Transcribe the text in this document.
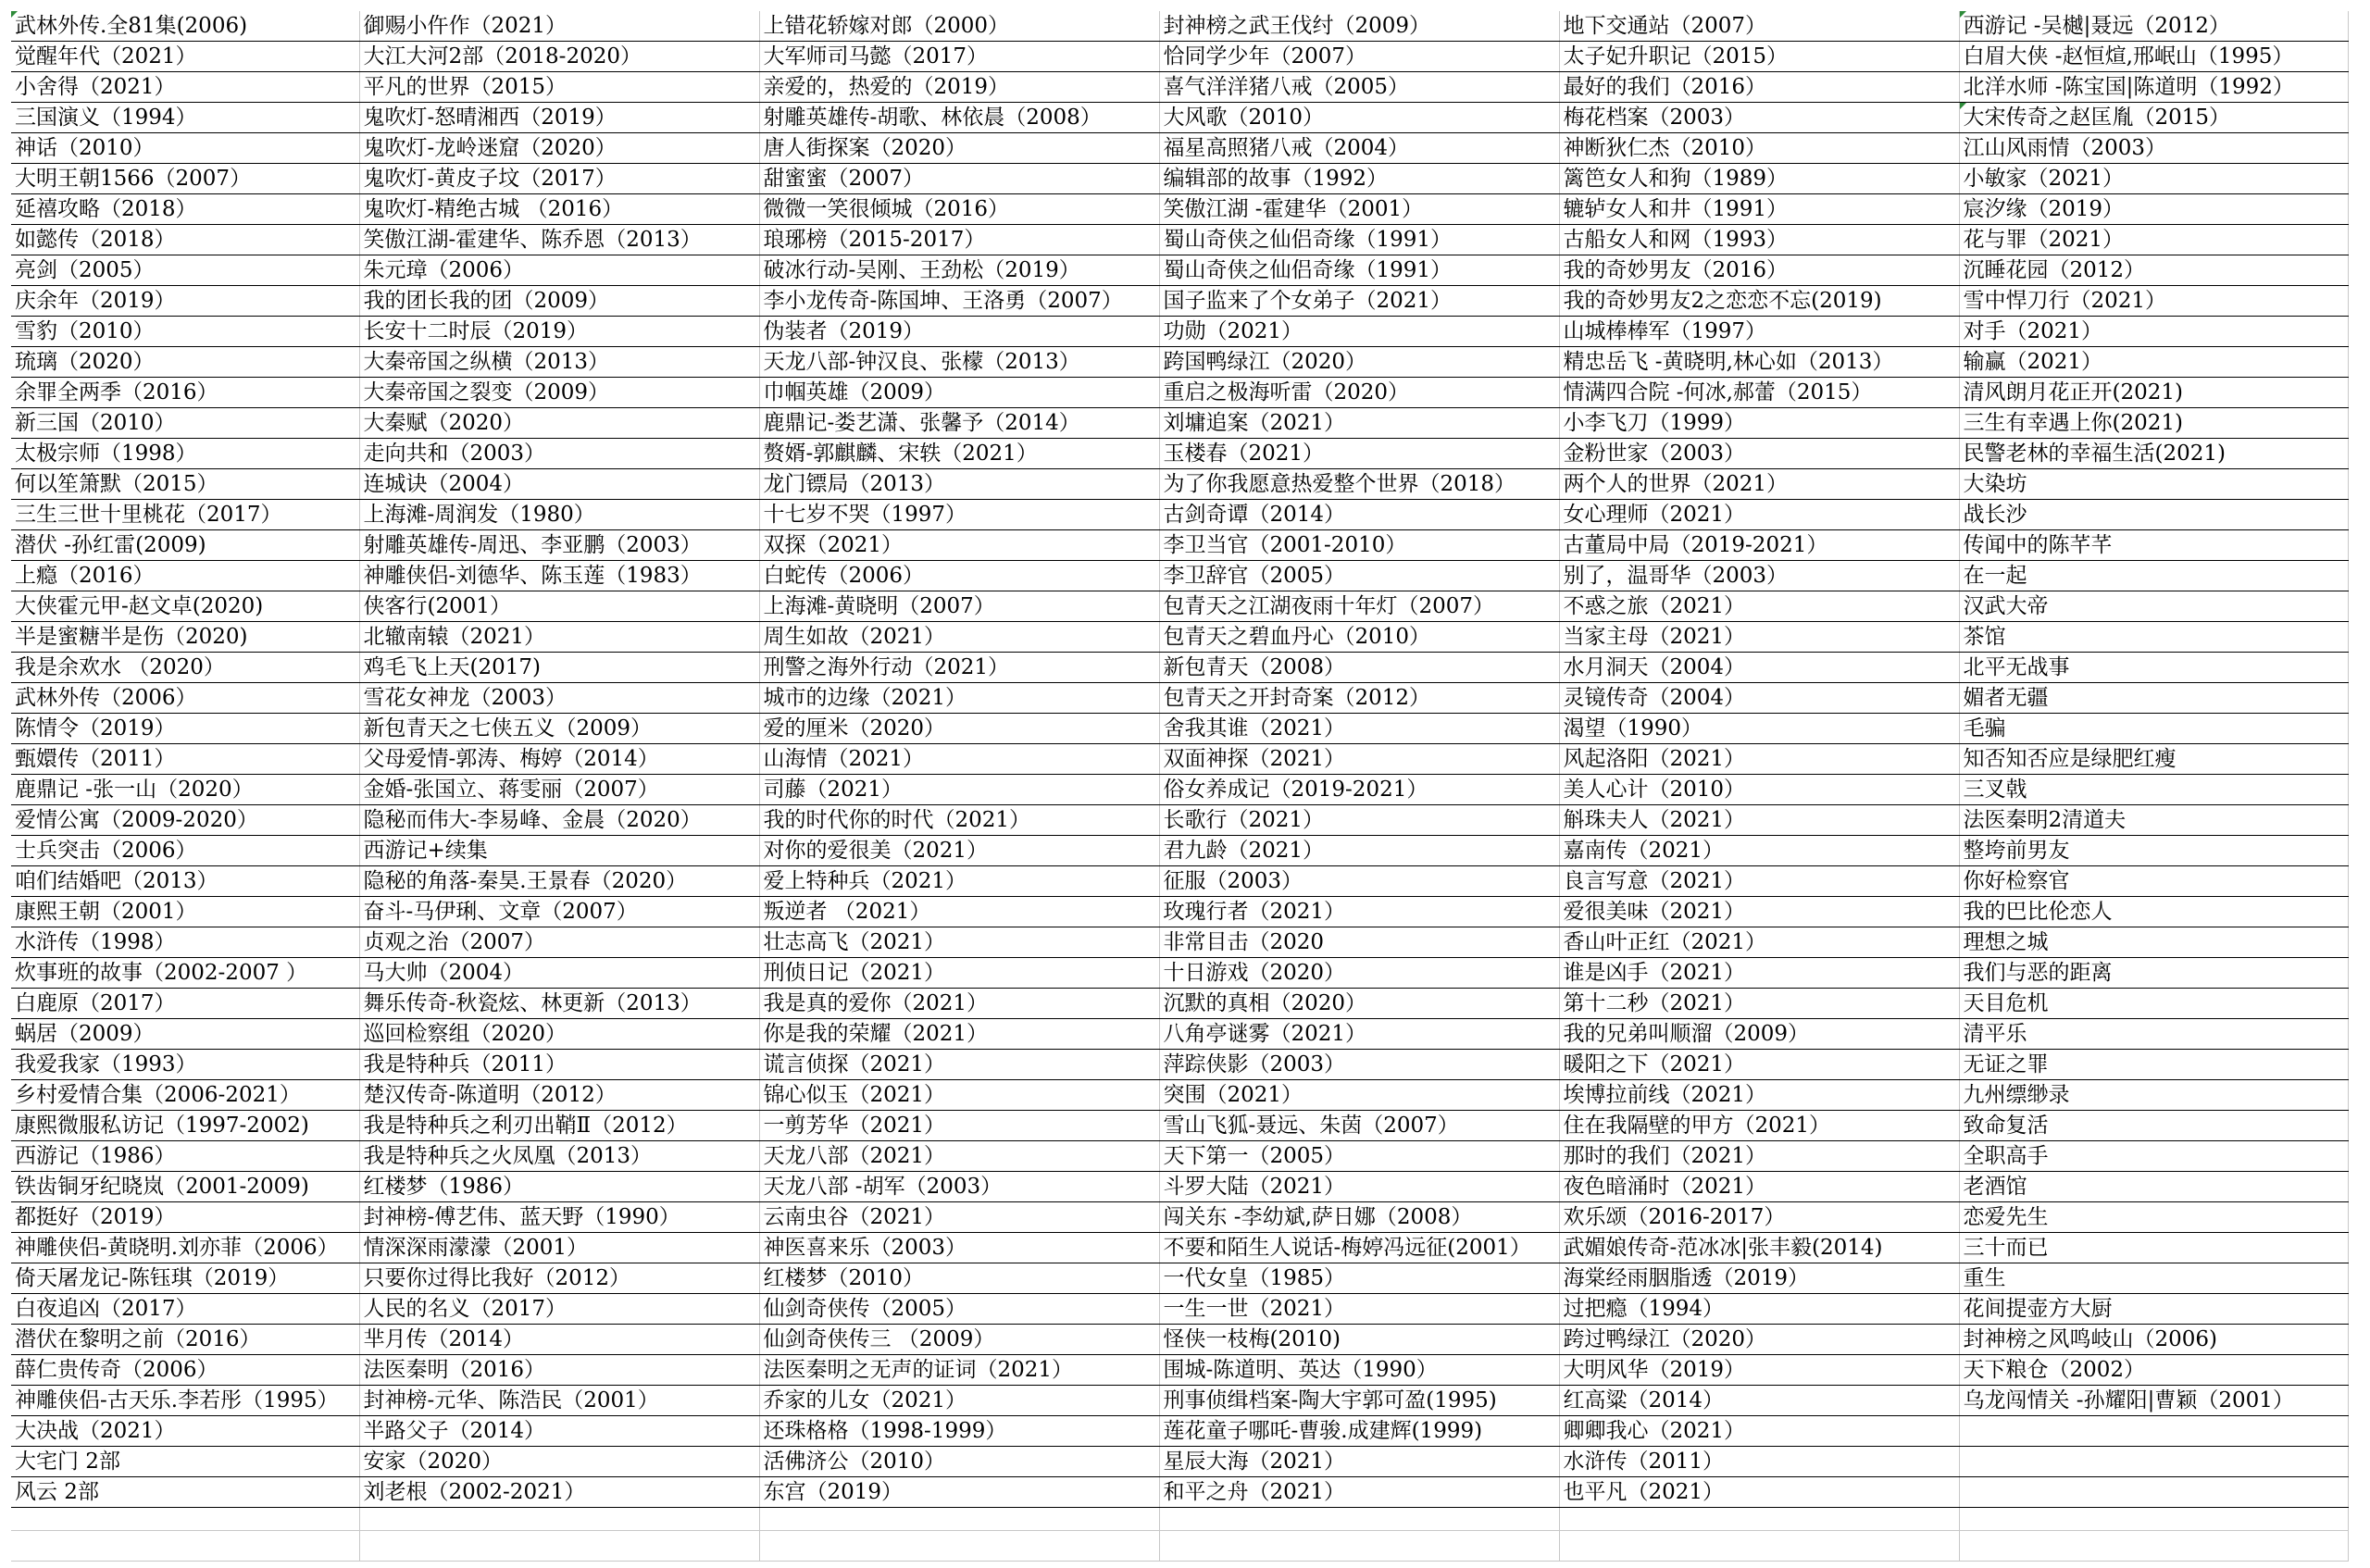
武林外传.全81集(2006)	御赐小仵作（2021）	上错花轿嫁对郎（2000）	封神榜之武王伐纣（2009）	地下交通站（2007）	西游记 -吴樾|聂远（2012）
觉醒年代（2021）	大江大河2部（2018-2020）	大军师司马懿（2017）	恰同学少年（2007）	太子妃升职记（2015）	白眉大侠 -赵恒煊,邢岷山（1995）
小舍得（2021）	平凡的世界（2015）	亲爱的，热爱的（2019）	喜气洋洋猪八戒（2005）	最好的我们（2016）	北洋水师 -陈宝国|陈道明（1992）
三国演义（1994）	鬼吹灯-怒晴湘西（2019）	射雕英雄传-胡歌、林依晨（2008）	大风歌（2010）	梅花档案（2003）	大宋传奇之赵匡胤（2015）
神话（2010）	鬼吹灯-龙岭迷窟（2020）	唐人街探案（2020）	福星高照猪八戒（2004）	神断狄仁杰（2010）	江山风雨情（2003）
大明王朝1566（2007）	鬼吹灯-黄皮子坟（2017）	甜蜜蜜（2007）	编辑部的故事（1992）	篱笆女人和狗（1989）	小敏家（2021）
延禧攻略（2018）	鬼吹灯-精绝古城 （2016）	微微一笑很倾城（2016）	笑傲江湖 -霍建华（2001）	辘轳女人和井（1991）	宸汐缘（2019）
如懿传（2018）	笑傲江湖-霍建华、陈乔恩（2013）	琅琊榜（2015-2017）	蜀山奇侠之仙侣奇缘（1991）	古船女人和网（1993）	花与罪（2021）
亮剑（2005）	朱元璋（2006）	破冰行动-吴刚、王劲松（2019）	蜀山奇侠之仙侣奇缘（1991）	我的奇妙男友（2016）	沉睡花园（2012）
庆余年（2019）	我的团长我的团（2009）	李小龙传奇-陈国坤、王洛勇（2007）	国子监来了个女弟子（2021）	我的奇妙男友2之恋恋不忘(2019)	雪中悍刀行（2021）
雪豹（2010）	长安十二时辰（2019）	伪装者（2019）	功勋（2021）	山城棒棒军（1997）	对手（2021）
琉璃（2020）	大秦帝国之纵横（2013）	天龙八部-钟汉良、张檬（2013）	跨国鸭绿江（2020）	精忠岳飞 -黄晓明,林心如（2013）	输赢（2021）
余罪全两季（2016）	大秦帝国之裂变（2009）	巾帼英雄（2009）	重启之极海听雷（2020）	情满四合院 -何冰,郝蕾（2015）	清风朗月花正开(2021)
新三国（2010）	大秦赋（2020）	鹿鼎记-娄艺潇、张馨予（2014）	刘墉追案（2021）	小李飞刀（1999）	三生有幸遇上你(2021)
太极宗师（1998）	走向共和（2003）	赘婿-郭麒麟、宋轶（2021）	玉楼春（2021）	金粉世家（2003）	民警老林的幸福生活(2021)
何以笙箫默（2015）	连城诀（2004）	龙门镖局（2013）	为了你我愿意热爱整个世界（2018）	两个人的世界（2021）	大染坊
三生三世十里桃花（2017）	上海滩-周润发（1980）	十七岁不哭（1997）	古剑奇谭（2014）	女心理师（2021）	战长沙
潜伏 -孙红雷(2009)	射雕英雄传-周迅、李亚鹏（2003）	双探（2021）	李卫当官（2001-2010）	古董局中局（2019-2021）	传闻中的陈芊芊
上瘾（2016）	神雕侠侣-刘德华、陈玉莲（1983）	白蛇传（2006）	李卫辞官（2005）	别了，温哥华（2003）	在一起
大侠霍元甲-赵文卓(2020)	侠客行(2001）	上海滩-黄晓明（2007）	包青天之江湖夜雨十年灯（2007）	不惑之旅（2021）	汉武大帝
半是蜜糖半是伤（2020)	北辙南辕（2021）	周生如故（2021）	包青天之碧血丹心（2010）	当家主母（2021）	茶馆
我是余欢水 （2020）	鸡毛飞上天(2017)	刑警之海外行动（2021）	新包青天（2008）	水月洞天（2004）	北平无战事
武林外传（2006）	雪花女神龙（2003）	城市的边缘（2021）	包青天之开封奇案（2012）	灵镜传奇（2004）	媚者无疆
陈情令（2019）	新包青天之七侠五义（2009）	爱的厘米（2020）	舍我其谁（2021）	渴望（1990）	毛骗
甄嬛传（2011）	父母爱情-郭涛、梅婷（2014）	山海情（2021）	双面神探（2021）	风起洛阳（2021）	知否知否应是绿肥红瘦
鹿鼎记 -张一山（2020）	金婚-张国立、蒋雯丽（2007）	司藤（2021）	俗女养成记（2019-2021）	美人心计（2010）	三叉戟
爱情公寓（2009-2020）	隐秘而伟大-李易峰、金晨（2020）	我的时代你的时代（2021）	长歌行（2021）	斛珠夫人（2021）	法医秦明2清道夫
士兵突击（2006）	西游记+续集	对你的爱很美（2021）	君九龄（2021）	嘉南传（2021）	整垮前男友
咱们结婚吧（2013）	隐秘的角落-秦昊.王景春（2020）	爱上特种兵（2021）	征服（2003）	良言写意（2021）	你好检察官
康熙王朝（2001）	奋斗-马伊琍、文章（2007）	叛逆者 （2021）	玫瑰行者（2021）	爱很美味（2021）	我的巴比伦恋人
水浒传（1998）	贞观之治（2007）	壮志高飞（2021）	非常目击（2020	香山叶正红（2021）	理想之城
炊事班的故事（2002-2007 ）	马大帅（2004）	刑侦日记（2021）	十日游戏（2020）	谁是凶手（2021）	我们与恶的距离
白鹿原（2017）	舞乐传奇-秋瓷炫、林更新（2013）	我是真的爱你（2021）	沉默的真相（2020）	第十二秒（2021）	天目危机
蜗居（2009）	巡回检察组（2020）	你是我的荣耀（2021）	八角亭谜雾（2021）	我的兄弟叫顺溜（2009）	清平乐
我爱我家（1993）	我是特种兵（2011）	谎言侦探（2021）	萍踪侠影（2003）	暖阳之下（2021）	无证之罪
乡村爱情合集（2006-2021）	楚汉传奇-陈道明（2012）	锦心似玉（2021）	突围（2021）	埃博拉前线（2021）	九州缥缈录
康熙微服私访记（1997-2002)	我是特种兵之利刃出鞘Ⅱ（2012）	一剪芳华（2021）	雪山飞狐-聂远、朱茵（2007）	住在我隔壁的甲方（2021）	致命复活
西游记（1986）	我是特种兵之火凤凰（2013）	天龙八部（2021）	天下第一（2005）	那时的我们（2021）	全职高手
铁齿铜牙纪晓岚（2001-2009)	红楼梦（1986）	天龙八部 -胡军（2003）	斗罗大陆（2021）	夜色暗涌时（2021）	老酒馆
都挺好（2019）	封神榜-傅艺伟、蓝天野（1990）	云南虫谷（2021）	闯关东 -李幼斌,萨日娜（2008）	欢乐颂（2016-2017）	恋爱先生
神雕侠侣-黄晓明.刘亦菲（2006）	情深深雨濛濛（2001）	神医喜来乐（2003）	不要和陌生人说话-梅婷冯远征(2001）	武媚娘传奇-范冰冰|张丰毅(2014)	三十而已
倚天屠龙记-陈钰琪（2019）	只要你过得比我好（2012）	红楼梦（2010）	一代女皇（1985）	海棠经雨胭脂透（2019）	重生
白夜追凶（2017）	人民的名义（2017）	仙剑奇侠传（2005）	一生一世（2021）	过把瘾（1994）	花间提壶方大厨
潜伏在黎明之前（2016）	芈月传（2014）	仙剑奇侠传三 （2009）	怪侠一枝梅(2010)	跨过鸭绿江（2020）	封神榜之风鸣岐山（2006)
薛仁贵传奇（2006）	法医秦明（2016）	法医秦明之无声的证词（2021）	围城-陈道明、英达（1990）	大明风华（2019）	天下粮仓（2002）
神雕侠侣-古天乐.李若彤（1995）	封神榜-元华、陈浩民（2001）	乔家的儿女（2021）	刑事侦缉档案-陶大宇郭可盈(1995)	红高粱（2014）	乌龙闯情关 -孙耀阳|曹颖（2001）
大决战（2021）	半路父子（2014）	还珠格格（1998-1999）	莲花童子哪吒-曹骏.成建辉(1999)	卿卿我心（2021）	
大宅门 2部	安家（2020）	活佛济公（2010）	星辰大海（2021）	水浒传（2011）	
风云 2部	刘老根（2002-2021）	东宫（2019）	和平之舟（2021）	也平凡（2021）	
